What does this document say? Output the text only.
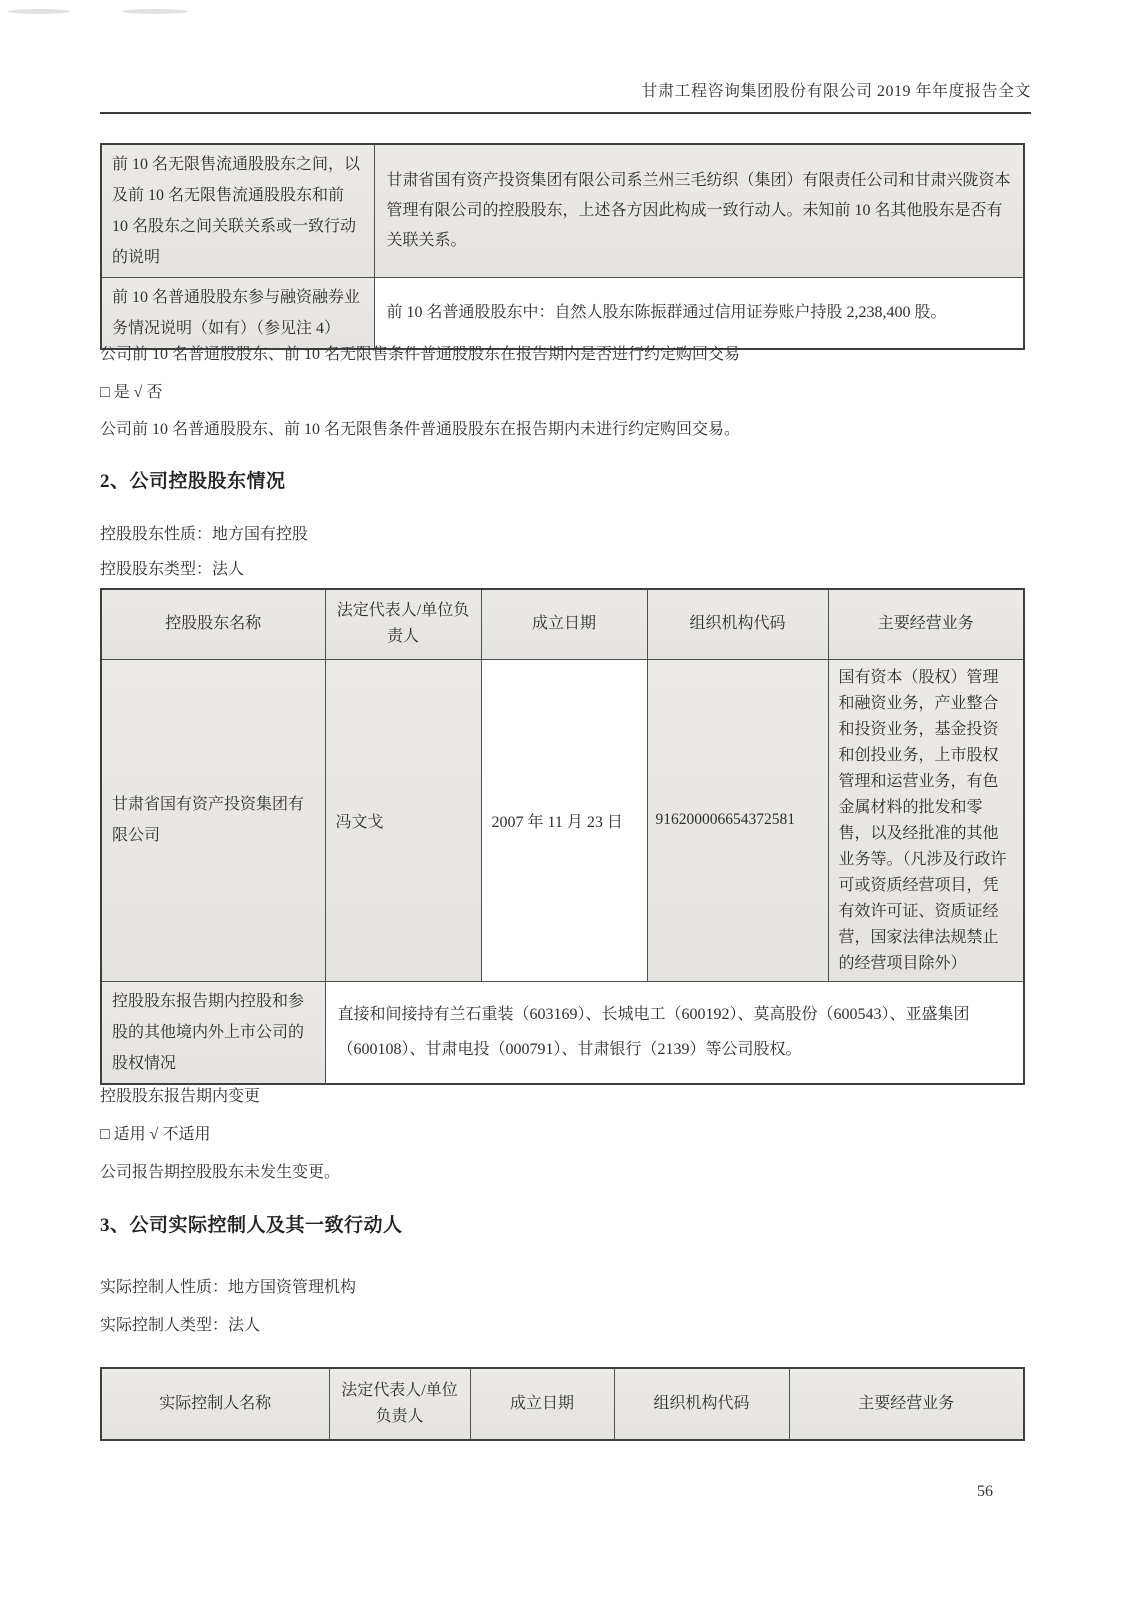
甘肃工程咨询集团股份有限公司 2019 年年度报告全文
前 10 名无限售流通股股东之间，以及前 10 名无限售流通股股东和前 10 名股东之间关联关系或一致行动的说明	甘肃省国有资产投资集团有限公司系兰州三毛纺织（集团）有限责任公司和甘肃兴陇资本管理有限公司的控股股东，上述各方因此构成一致行动人。未知前 10 名其他股东是否有关联关系。
前 10 名普通股股东参与融资融券业务情况说明（如有）（参见注 4）	前 10 名普通股股东中：自然人股东陈振群通过信用证券账户持股 2,238,400 股。
公司前 10 名普通股股东、前 10 名无限售条件普通股股东在报告期内是否进行约定购回交易
□ 是 √ 否
公司前 10 名普通股股东、前 10 名无限售条件普通股股东在报告期内未进行约定购回交易。
2、公司控股股东情况
控股股东性质：地方国有控股
控股股东类型：法人
控股股东名称	法定代表人/单位负责人	成立日期	组织机构代码	主要经营业务
甘肃省国有资产投资集团有限公司	冯文戈	2007 年 11 月 23 日	916200006654372581	国有资本（股权）管理和融资业务，产业整合和投资业务，基金投资和创投业务，上市股权管理和运营业务，有色金属材料的批发和零售，以及经批准的其他业务等。（凡涉及行政许可或资质经营项目，凭有效许可证、资质证经营，国家法律法规禁止的经营项目除外）
控股股东报告期内控股和参股的其他境内外上市公司的股权情况	直接和间接持有兰石重装（603169）、长城电工（600192）、莫高股份（600543）、亚盛集团（600108）、甘肃电投（000791）、甘肃银行（2139）等公司股权。			
控股股东报告期内变更
□ 适用 √ 不适用
公司报告期控股股东未发生变更。
3、公司实际控制人及其一致行动人
实际控制人性质：地方国资管理机构
实际控制人类型：法人
实际控制人名称	法定代表人/单位负责人	成立日期	组织机构代码	主要经营业务
56
